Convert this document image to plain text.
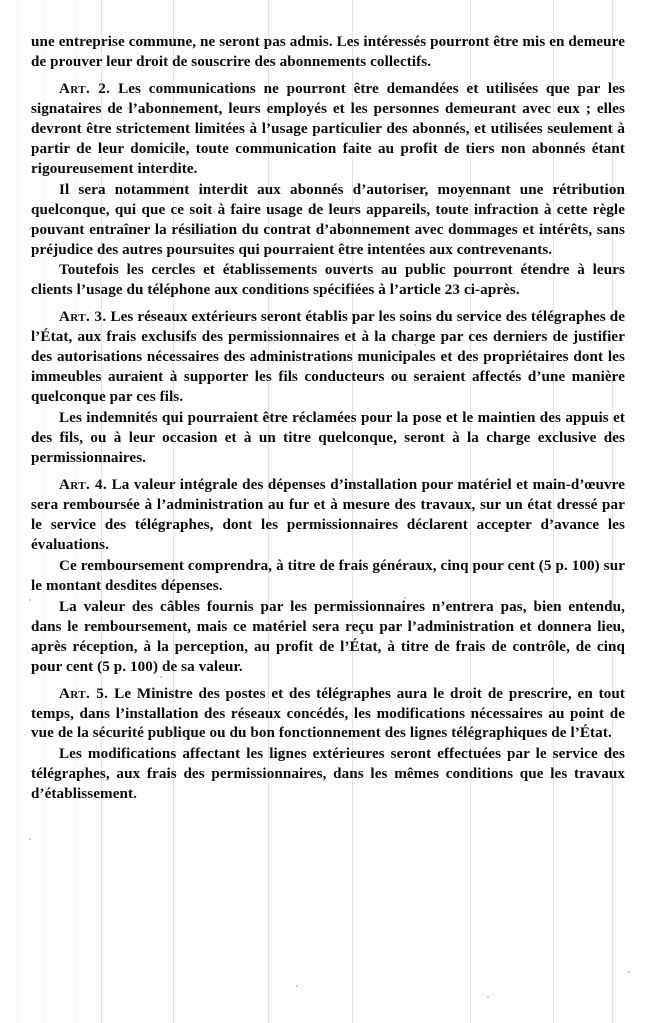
une entreprise commune, ne seront pas admis. Les intéressés pourront être mis en demeure de prouver leur droit de souscrire des abonnements collectifs.

Art. 2. Les communications ne pourront être demandées et utilisées que par les signataires de l’abonnement, leurs employés et les personnes demeurant avec eux ; elles devront être strictement limitées à l’usage particulier des abonnés, et utilisées seulement à partir de leur domicile, toute communication faite au profit de tiers non abonnés étant rigoureusement interdite.

Il sera notamment interdit aux abonnés d’autoriser, moyennant une rétribution quelconque, qui que ce soit à faire usage de leurs appareils, toute infraction à cette règle pouvant entraîner la résiliation du contrat d’abonnement avec dommages et intérêts, sans préjudice des autres poursuites qui pourraient être intentées aux contrevenants.

Toutefois les cercles et établissements ouverts au public pourront étendre à leurs clients l’usage du téléphone aux conditions spécifiées à l’article 23 ci-après.

Art. 3. Les réseaux extérieurs seront établis par les soins du service des télégraphes de l’État, aux frais exclusifs des permissionnaires et à la charge par ces derniers de justifier des autorisations nécessaires des administrations municipales et des propriétaires dont les immeubles auraient à supporter les fils conducteurs ou seraient affectés d’une manière quelconque par ces fils.

Les indemnités qui pourraient être réclamées pour la pose et le maintien des appuis et des fils, ou à leur occasion et à un titre quelconque, seront à la charge exclusive des permissionnaires.

Art. 4. La valeur intégrale des dépenses d’installation pour matériel et main-d’œuvre sera remboursée à l’administration au fur et à mesure des travaux, sur un état dressé par le service des télégraphes, dont les permissionnaires déclarent accepter d’avance les évaluations.

Ce remboursement comprendra, à titre de frais généraux, cinq pour cent (5 p. 100) sur le montant desdites dépenses.

La valeur des câbles fournis par les permissionnaires n’entrera pas, bien entendu, dans le remboursement, mais ce matériel sera reçu par l’administration et donnera lieu, après réception, à la perception, au profit de l’État, à titre de frais de contrôle, de cinq pour cent (5 p. 100) de sa valeur.

Art. 5. Le Ministre des postes et des télégraphes aura le droit de prescrire, en tout temps, dans l’installation des réseaux concédés, les modifications nécessaires au point de vue de la sécurité publique ou du bon fonctionnement des lignes télégraphiques de l’État.

Les modifications affectant les lignes extérieures seront effectuées par le service des télégraphes, aux frais des permissionnaires, dans les mêmes conditions que les travaux d’établissement.
